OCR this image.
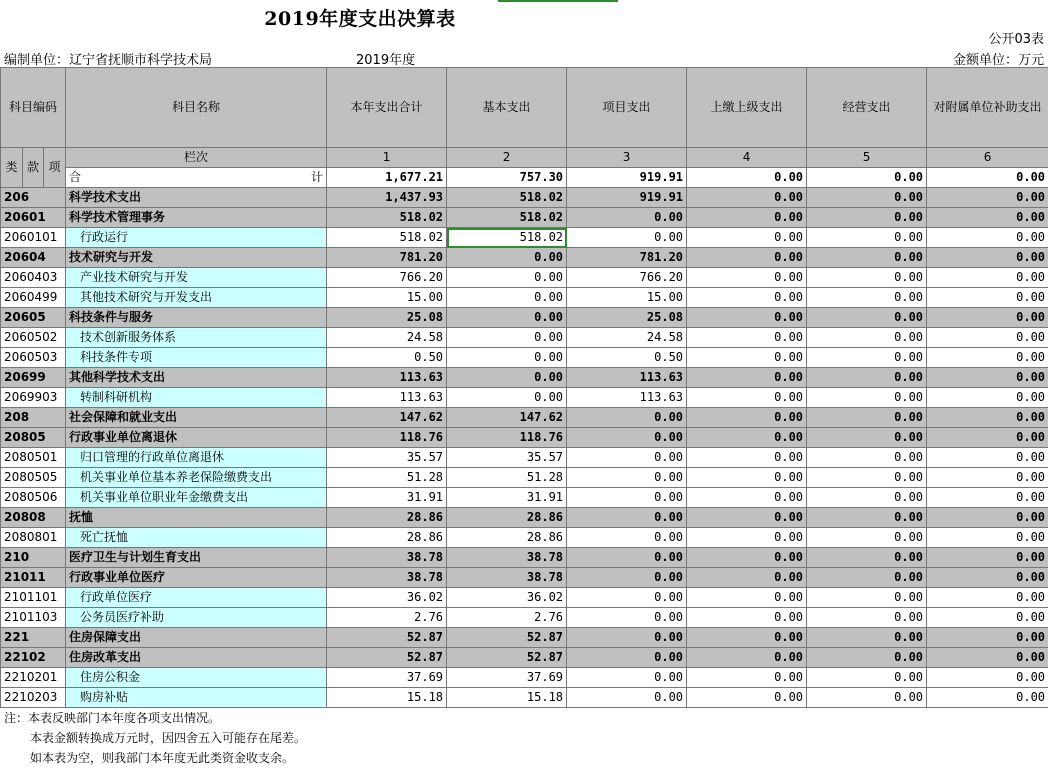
2019年度支出决算表
公开03表
编制单位：辽宁省抚顺市科学技术局	2019年度	金额单位：万元
科目编码			科目名称	本年支出合计	基本支出	项目支出	上缴上级支出	经营支出	对附属单位补助支出
类	款	项	栏次	1	2	3	4	5	6
			合 计	1,677.21	757.30	919.91	0.00	0.00	0.00
206			科学技术支出	1,437.93	518.02	919.91	0.00	0.00	0.00
20601			科学技术管理事务	518.02	518.02	0.00	0.00	0.00	0.00
2060101			行政运行	518.02	518.02	0.00	0.00	0.00	0.00
20604			技术研究与开发	781.20	0.00	781.20	0.00	0.00	0.00
2060403			产业技术研究与开发	766.20	0.00	766.20	0.00	0.00	0.00
2060499			其他技术研究与开发支出	15.00	0.00	15.00	0.00	0.00	0.00
20605			科技条件与服务	25.08	0.00	25.08	0.00	0.00	0.00
2060502			技术创新服务体系	24.58	0.00	24.58	0.00	0.00	0.00
2060503			科技条件专项	0.50	0.00	0.50	0.00	0.00	0.00
20699			其他科学技术支出	113.63	0.00	113.63	0.00	0.00	0.00
2069903			转制科研机构	113.63	0.00	113.63	0.00	0.00	0.00
208			社会保障和就业支出	147.62	147.62	0.00	0.00	0.00	0.00
20805			行政事业单位离退休	118.76	118.76	0.00	0.00	0.00	0.00
2080501			归口管理的行政单位离退休	35.57	35.57	0.00	0.00	0.00	0.00
2080505			机关事业单位基本养老保险缴费支出	51.28	51.28	0.00	0.00	0.00	0.00
2080506			机关事业单位职业年金缴费支出	31.91	31.91	0.00	0.00	0.00	0.00
20808			抚恤	28.86	28.86	0.00	0.00	0.00	0.00
2080801			死亡抚恤	28.86	28.86	0.00	0.00	0.00	0.00
210			医疗卫生与计划生育支出	38.78	38.78	0.00	0.00	0.00	0.00
21011			行政事业单位医疗	38.78	38.78	0.00	0.00	0.00	0.00
2101101			行政单位医疗	36.02	36.02	0.00	0.00	0.00	0.00
2101103			公务员医疗补助	2.76	2.76	0.00	0.00	0.00	0.00
221			住房保障支出	52.87	52.87	0.00	0.00	0.00	0.00
22102			住房改革支出	52.87	52.87	0.00	0.00	0.00	0.00
2210201			住房公积金	37.69	37.69	0.00	0.00	0.00	0.00
2210203			购房补贴	15.18	15.18	0.00	0.00	0.00	0.00
注：本表反映部门本年度各项支出情况。
本表金额转换成万元时，因四舍五入可能存在尾差。
如本表为空，则我部门本年度无此类资金收支余。
